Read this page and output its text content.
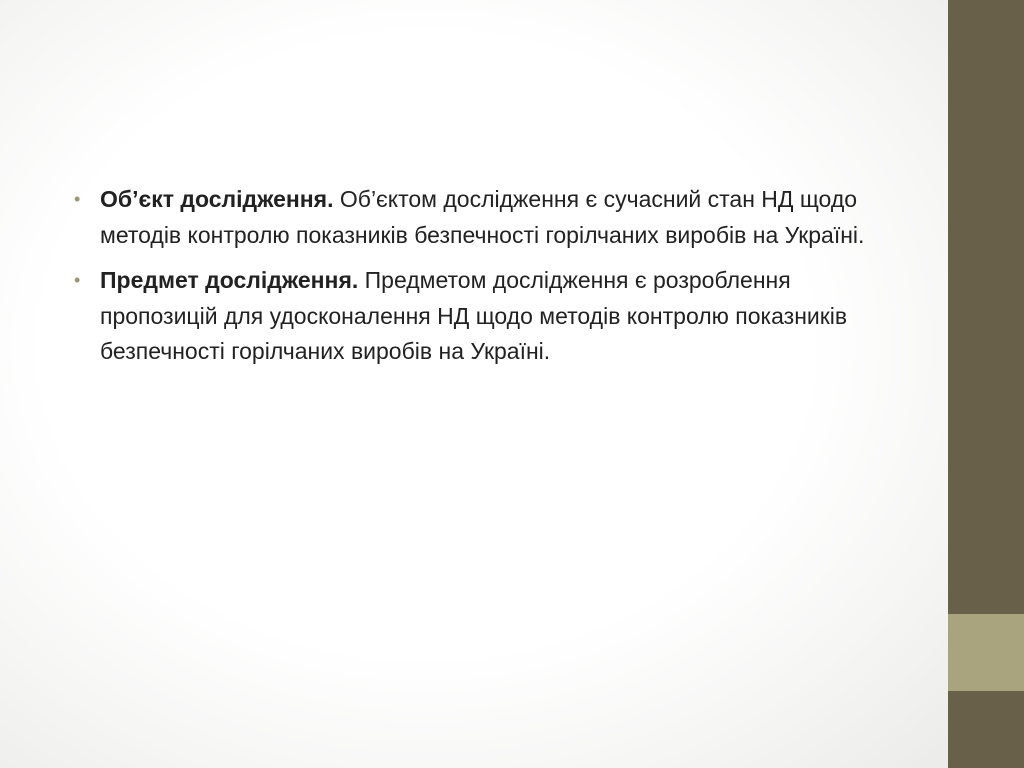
• Об’єкт дослідження. Об’єктом дослідження є сучасний стан НД щодо методів контролю показників безпечності горілчаних виробів на Україні.
• Предмет дослідження. Предметом дослідження є розроблення пропозицій для удосконалення НД щодо методів контролю показників безпечності горілчаних виробів на Україні.
